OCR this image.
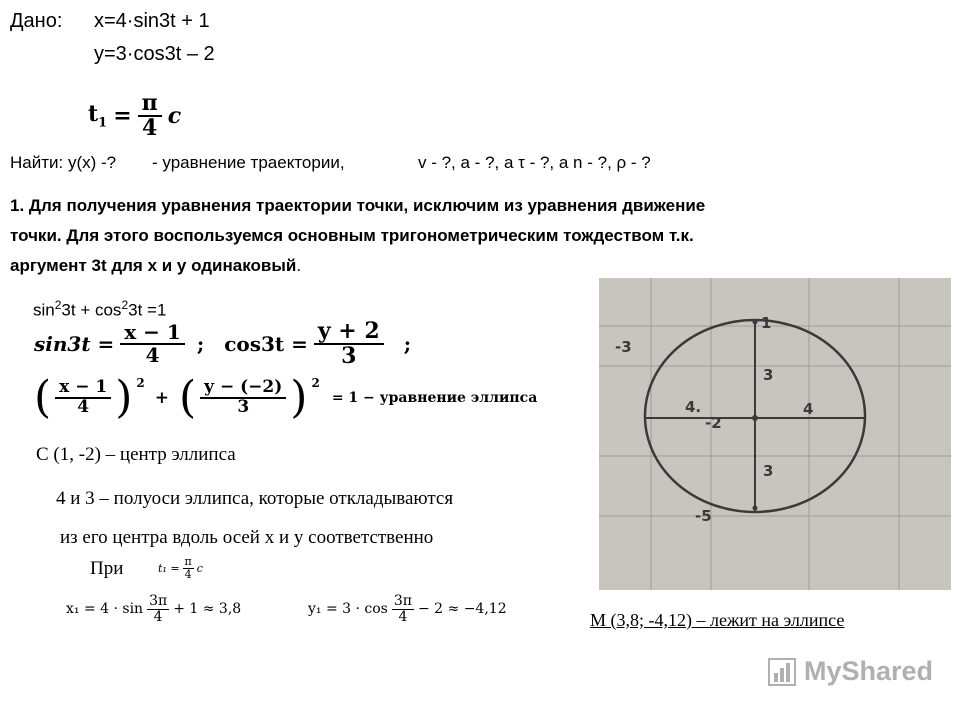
Дано: x=4·sin3t + 1
y=3·cos3t – 2
$t_1 = \frac{\pi}{4}$ c
Найти: y(x) -? - уравнение траектории,	v - ?, a - ?, a τ - ?, a n - ?, ρ - ?
1. Для получения уравнения траектории точки, исключим из уравнения движение
точки. Для этого воспользуемся основным тригонометрическим тождеством т.к.
аргумент 3t для x и y одинаковый.
$\sin^23t + \cos^23t =1$
$\sin 3t = \frac{x - 1}{4}$ ; $\cos 3t = \frac{y + 2}{3}$ ;
( $\frac{x - 1}{4}$ ) 2
+ ( $\frac{y - (-2)}{3}$ ) 2
= 1 − уравнение эллипса
С (1, -2) – центр эллипса
4 и 3 – полуоси эллипса, которые откладываются
из его центра вдоль осей x и y соответственно
При	$t_1 = \frac{\pi}{4}$ c
$x_1 = 4 \cdot \sin \frac{3\pi}{4} + 1 \approx 3,8$	$y_1 = 3 \cdot \cos \frac{3\pi}{4} - 2 \approx -4,12$
1
-3
3
4.	4
-2
3
-5
M (3,8; -4,12) – лежит на эллипсе
MyShared
